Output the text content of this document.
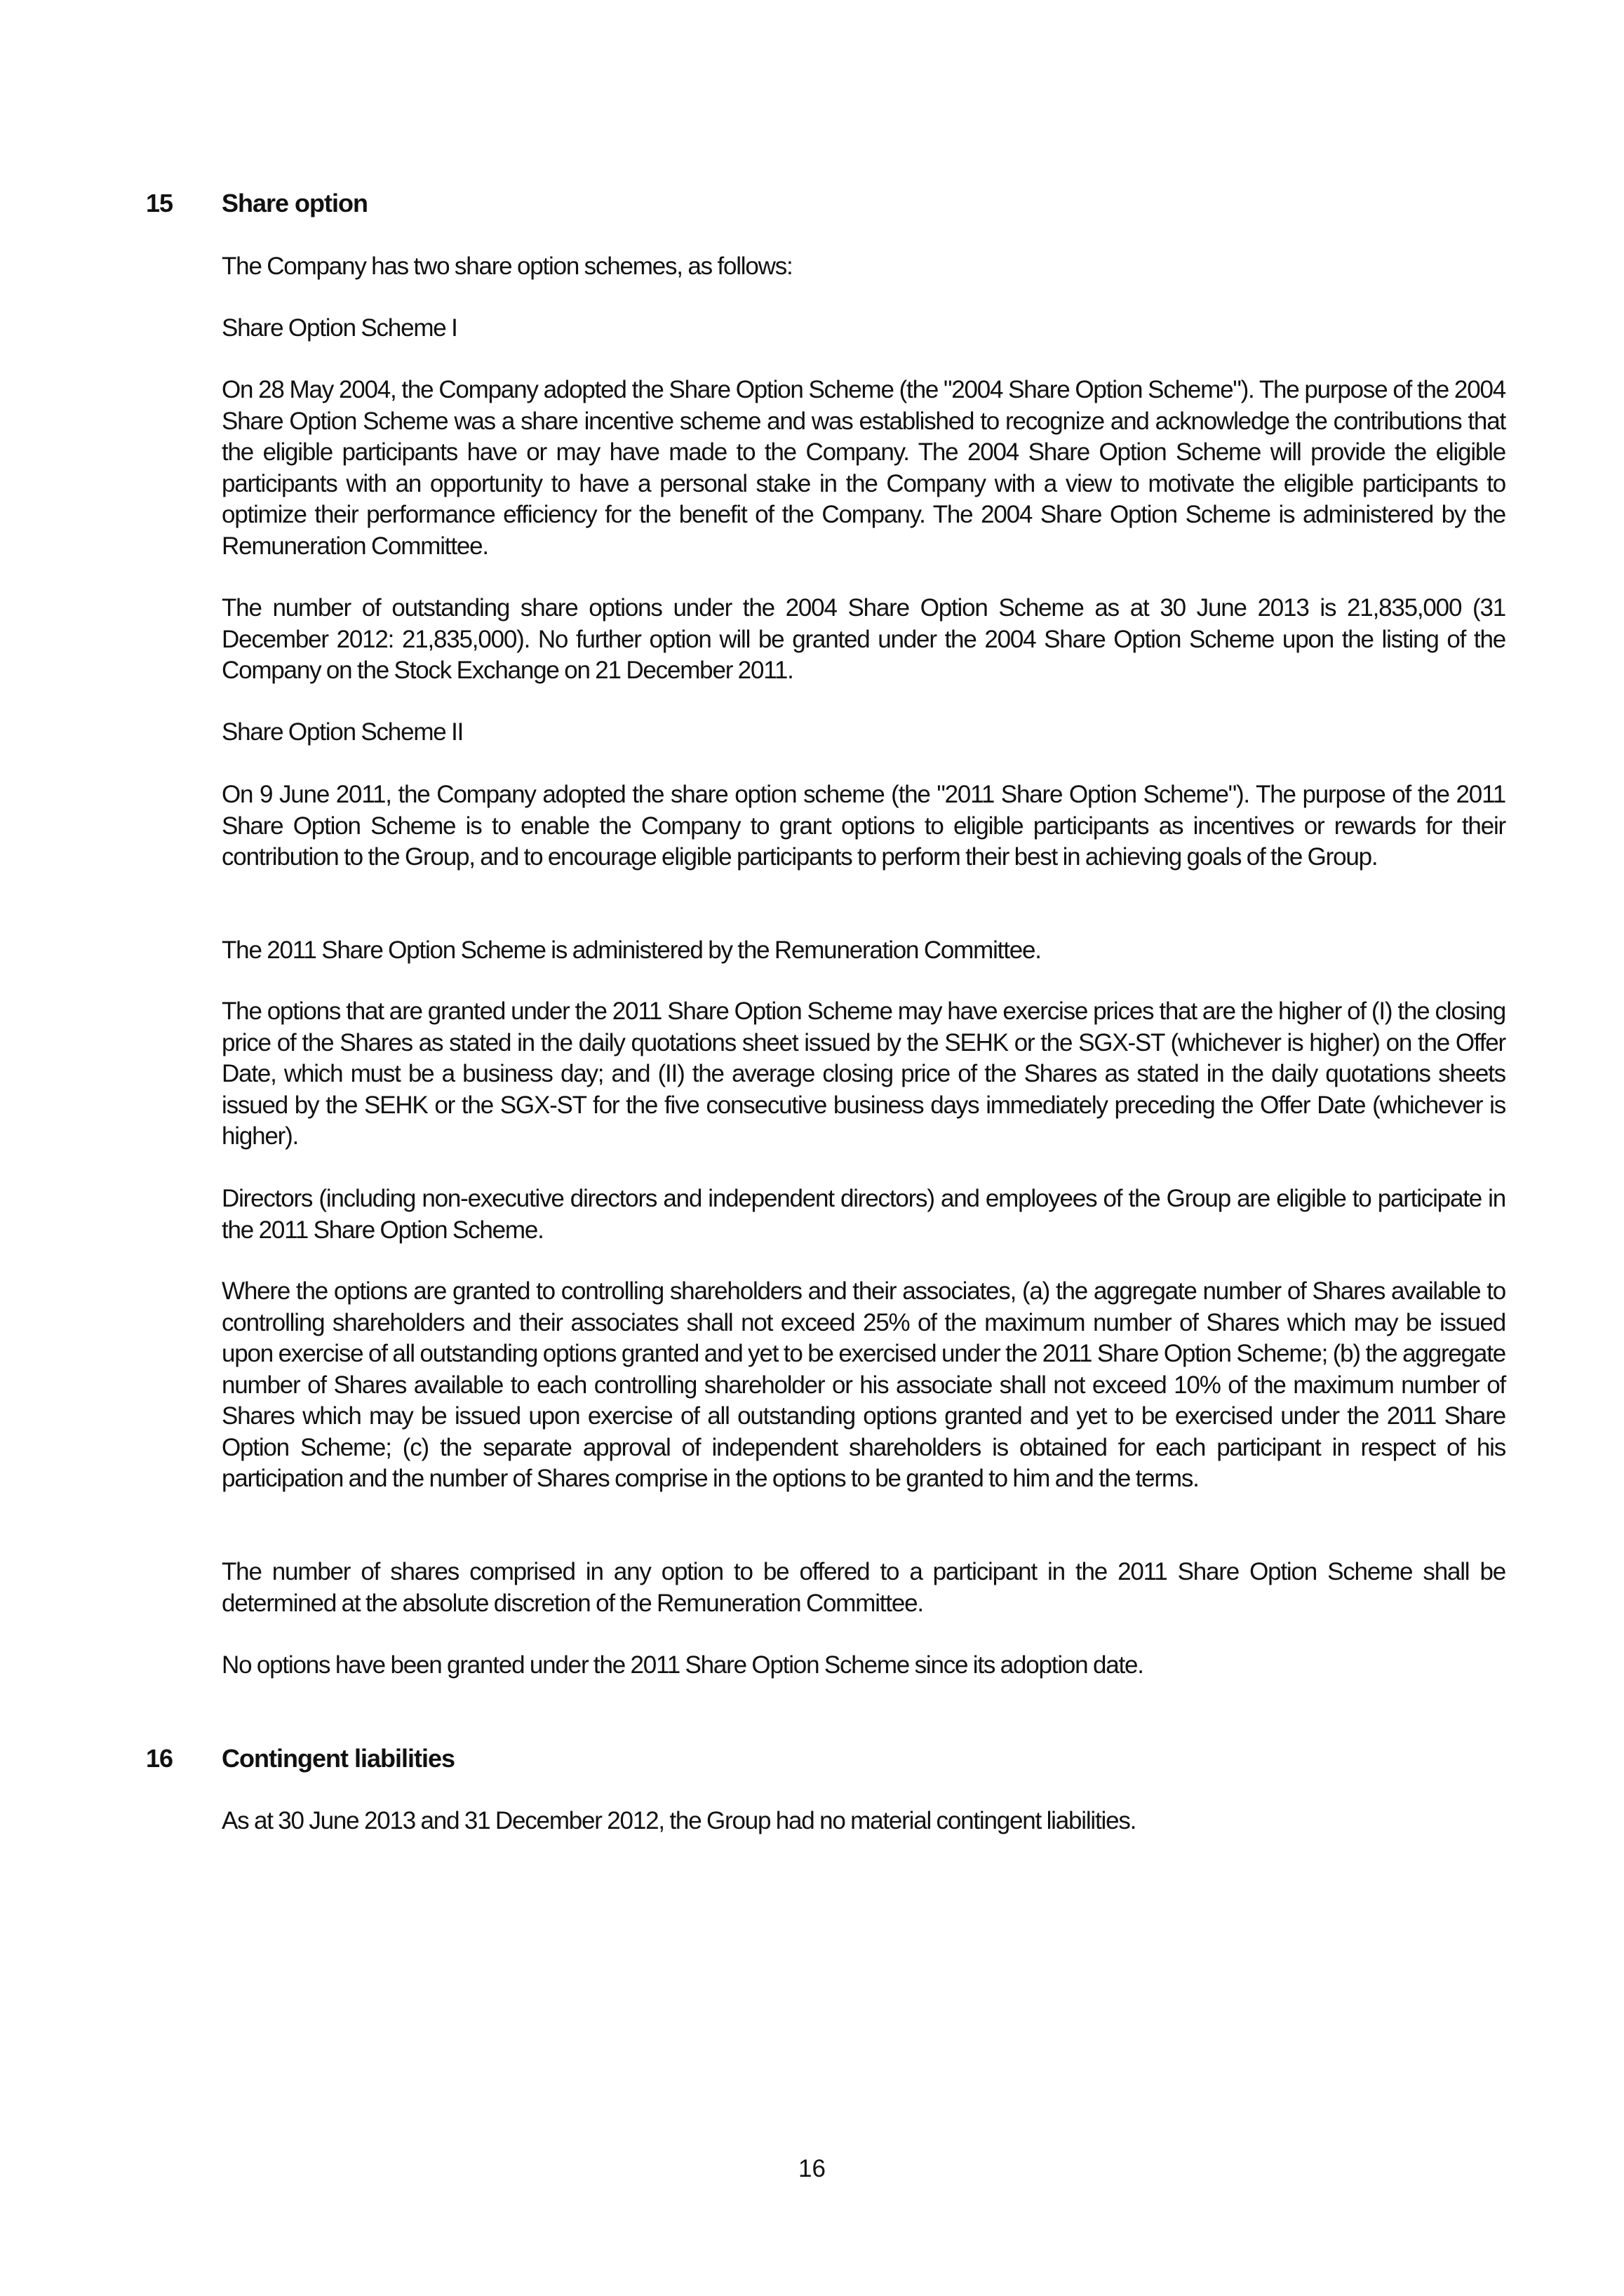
15 Share option

The Company has two share option schemes, as follows:

Share Option Scheme I

On 28 May 2004, the Company adopted the Share Option Scheme (the "2004 Share Option Scheme"). The purpose of the 2004 Share Option Scheme was a share incentive scheme and was established to recognize and acknowledge the contributions that the eligible participants have or may have made to the Company. The 2004 Share Option Scheme will provide the eligible participants with an opportunity to have a personal stake in the Company with a view to motivate the eligible participants to optimize their performance efficiency for the benefit of the Company. The 2004 Share Option Scheme is administered by the Remuneration Committee.

The number of outstanding share options under the 2004 Share Option Scheme as at 30 June 2013 is 21,835,000 (31 December 2012: 21,835,000). No further option will be granted under the 2004 Share Option Scheme upon the listing of the Company on the Stock Exchange on 21 December 2011.

Share Option Scheme II

On 9 June 2011, the Company adopted the share option scheme (the "2011 Share Option Scheme"). The purpose of the 2011 Share Option Scheme is to enable the Company to grant options to eligible participants as incentives or rewards for their contribution to the Group, and to encourage eligible participants to perform their best in achieving goals of the Group.

The 2011 Share Option Scheme is administered by the Remuneration Committee.

The options that are granted under the 2011 Share Option Scheme may have exercise prices that are the higher of (I) the closing price of the Shares as stated in the daily quotations sheet issued by the SEHK or the SGX-ST (whichever is higher) on the Offer Date, which must be a business day; and (II) the average closing price of the Shares as stated in the daily quotations sheets issued by the SEHK or the SGX-ST for the five consecutive business days immediately preceding the Offer Date (whichever is higher).

Directors (including non-executive directors and independent directors) and employees of the Group are eligible to participate in the 2011 Share Option Scheme.

Where the options are granted to controlling shareholders and their associates, (a) the aggregate number of Shares available to controlling shareholders and their associates shall not exceed 25% of the maximum number of Shares which may be issued upon exercise of all outstanding options granted and yet to be exercised under the 2011 Share Option Scheme; (b) the aggregate number of Shares available to each controlling shareholder or his associate shall not exceed 10% of the maximum number of Shares which may be issued upon exercise of all outstanding options granted and yet to be exercised under the 2011 Share Option Scheme; (c) the separate approval of independent shareholders is obtained for each participant in respect of his participation and the number of Shares comprise in the options to be granted to him and the terms.

The number of shares comprised in any option to be offered to a participant in the 2011 Share Option Scheme shall be determined at the absolute discretion of the Remuneration Committee.

No options have been granted under the 2011 Share Option Scheme since its adoption date.

16 Contingent liabilities

As at 30 June 2013 and 31 December 2012, the Group had no material contingent liabilities.

16
